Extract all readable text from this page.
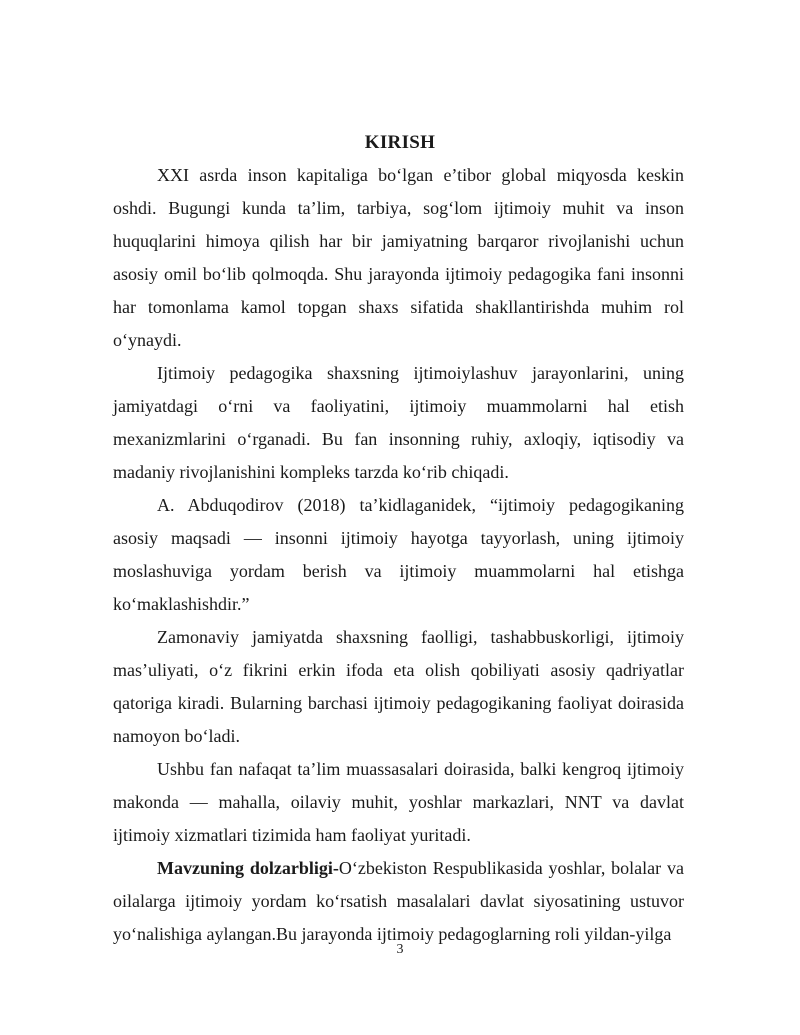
KIRISH

XXI asrda inson kapitaliga bo‘lgan e’tibor global miqyosda keskin oshdi. Bugungi kunda ta’lim, tarbiya, sog‘lom ijtimoiy muhit va inson huquqlarini himoya qilish har bir jamiyatning barqaror rivojlanishi uchun asosiy omil bo‘lib qolmoqda. Shu jarayonda ijtimoiy pedagogika fani insonni har tomonlama kamol topgan shaxs sifatida shakllantirishda muhim rol o‘ynaydi.

Ijtimoiy pedagogika shaxsning ijtimoiylashuv jarayonlarini, uning jamiyatdagi o‘rni va faoliyatini, ijtimoiy muammolarni hal etish mexanizmlarini o‘rganadi. Bu fan insonning ruhiy, axloqiy, iqtisodiy va madaniy rivojlanishini kompleks tarzda ko‘rib chiqadi.

A. Abduqodirov (2018) ta’kidlaganidek, “ijtimoiy pedagogikaning asosiy maqsadi — insonni ijtimoiy hayotga tayyorlash, uning ijtimoiy moslashuviga yordam berish va ijtimoiy muammolarni hal etishga ko‘maklashishdir.”

Zamonaviy jamiyatda shaxsning faolligi, tashabbuskorligi, ijtimoiy mas’uliyati, o‘z fikrini erkin ifoda eta olish qobiliyati asosiy qadriyatlar qatoriga kiradi. Bularning barchasi ijtimoiy pedagogikaning faoliyat doirasida namoyon bo‘ladi.

Ushbu fan nafaqat ta’lim muassasalari doirasida, balki kengroq ijtimoiy makonda — mahalla, oilaviy muhit, yoshlar markazlari, NNT va davlat ijtimoiy xizmatlari tizimida ham faoliyat yuritadi.

Mavzuning dolzarbligi-O‘zbekiston Respublikasida yoshlar, bolalar va oilalarga ijtimoiy yordam ko‘rsatish masalalari davlat siyosatining ustuvor yo‘nalishiga aylangan.Bu jarayonda ijtimoiy pedagoglarning roli yildan-yilga

3
